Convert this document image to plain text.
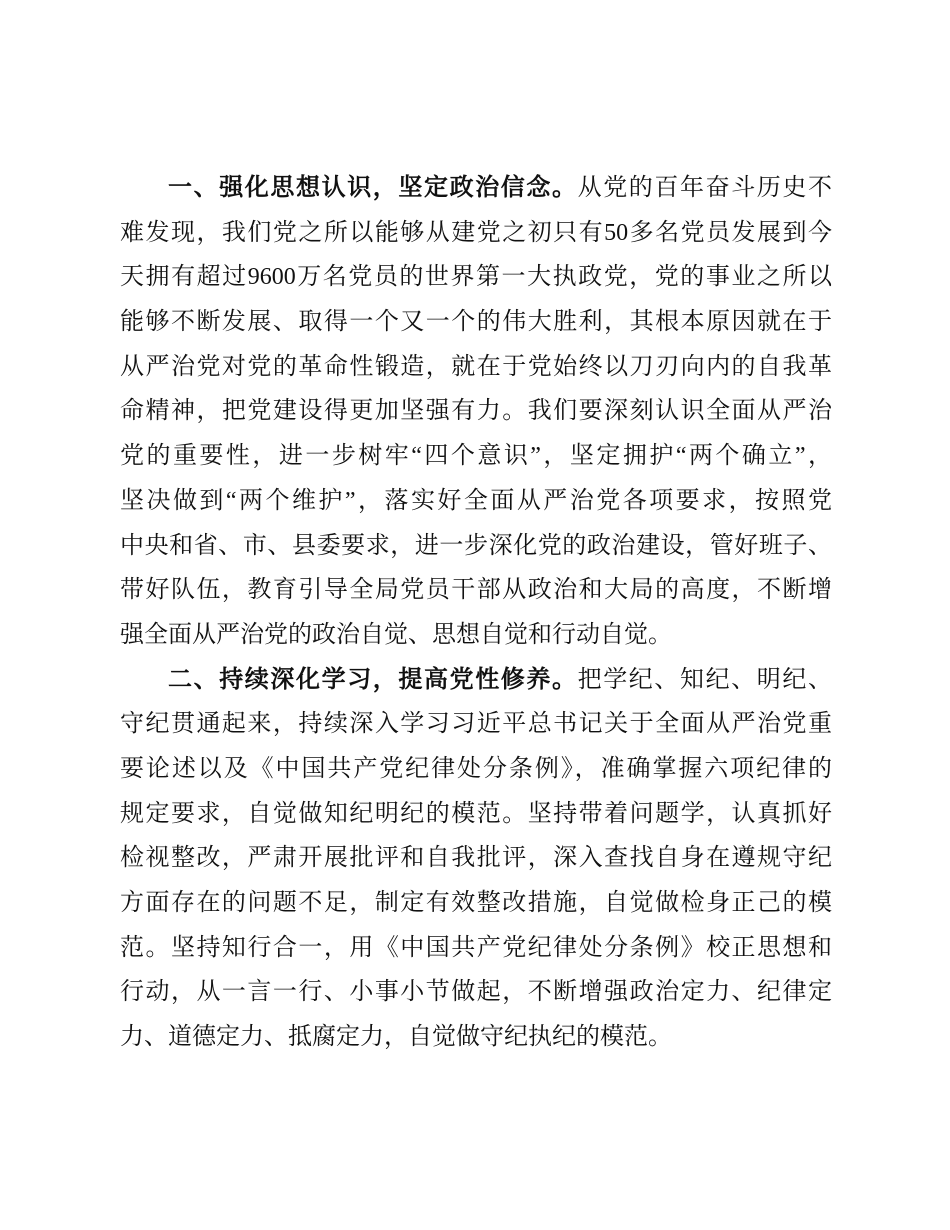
一、强化思想认识，坚定政治信念。从党的百年奋斗历史不
难发现，我们党之所以能够从建党之初只有50多名党员发展到今
天拥有超过9600万名党员的世界第一大执政党，党的事业之所以
能够不断发展、取得一个又一个的伟大胜利，其根本原因就在于
从严治党对党的革命性锻造，就在于党始终以刀刃向内的自我革
命精神，把党建设得更加坚强有力。我们要深刻认识全面从严治
党的重要性，进一步树牢“四个意识”，坚定拥护“两个确立”，
坚决做到“两个维护”，落实好全面从严治党各项要求，按照党
中央和省、市、县委要求，进一步深化党的政治建设，管好班子、
带好队伍，教育引导全局党员干部从政治和大局的高度，不断增
强全面从严治党的政治自觉、思想自觉和行动自觉。
二、持续深化学习，提高党性修养。把学纪、知纪、明纪、
守纪贯通起来，持续深入学习习近平总书记关于全面从严治党重
要论述以及《中国共产党纪律处分条例》，准确掌握六项纪律的
规定要求，自觉做知纪明纪的模范。坚持带着问题学，认真抓好
检视整改，严肃开展批评和自我批评，深入查找自身在遵规守纪
方面存在的问题不足，制定有效整改措施，自觉做检身正己的模
范。坚持知行合一，用《中国共产党纪律处分条例》校正思想和
行动，从一言一行、小事小节做起，不断增强政治定力、纪律定
力、道德定力、抵腐定力，自觉做守纪执纪的模范。
